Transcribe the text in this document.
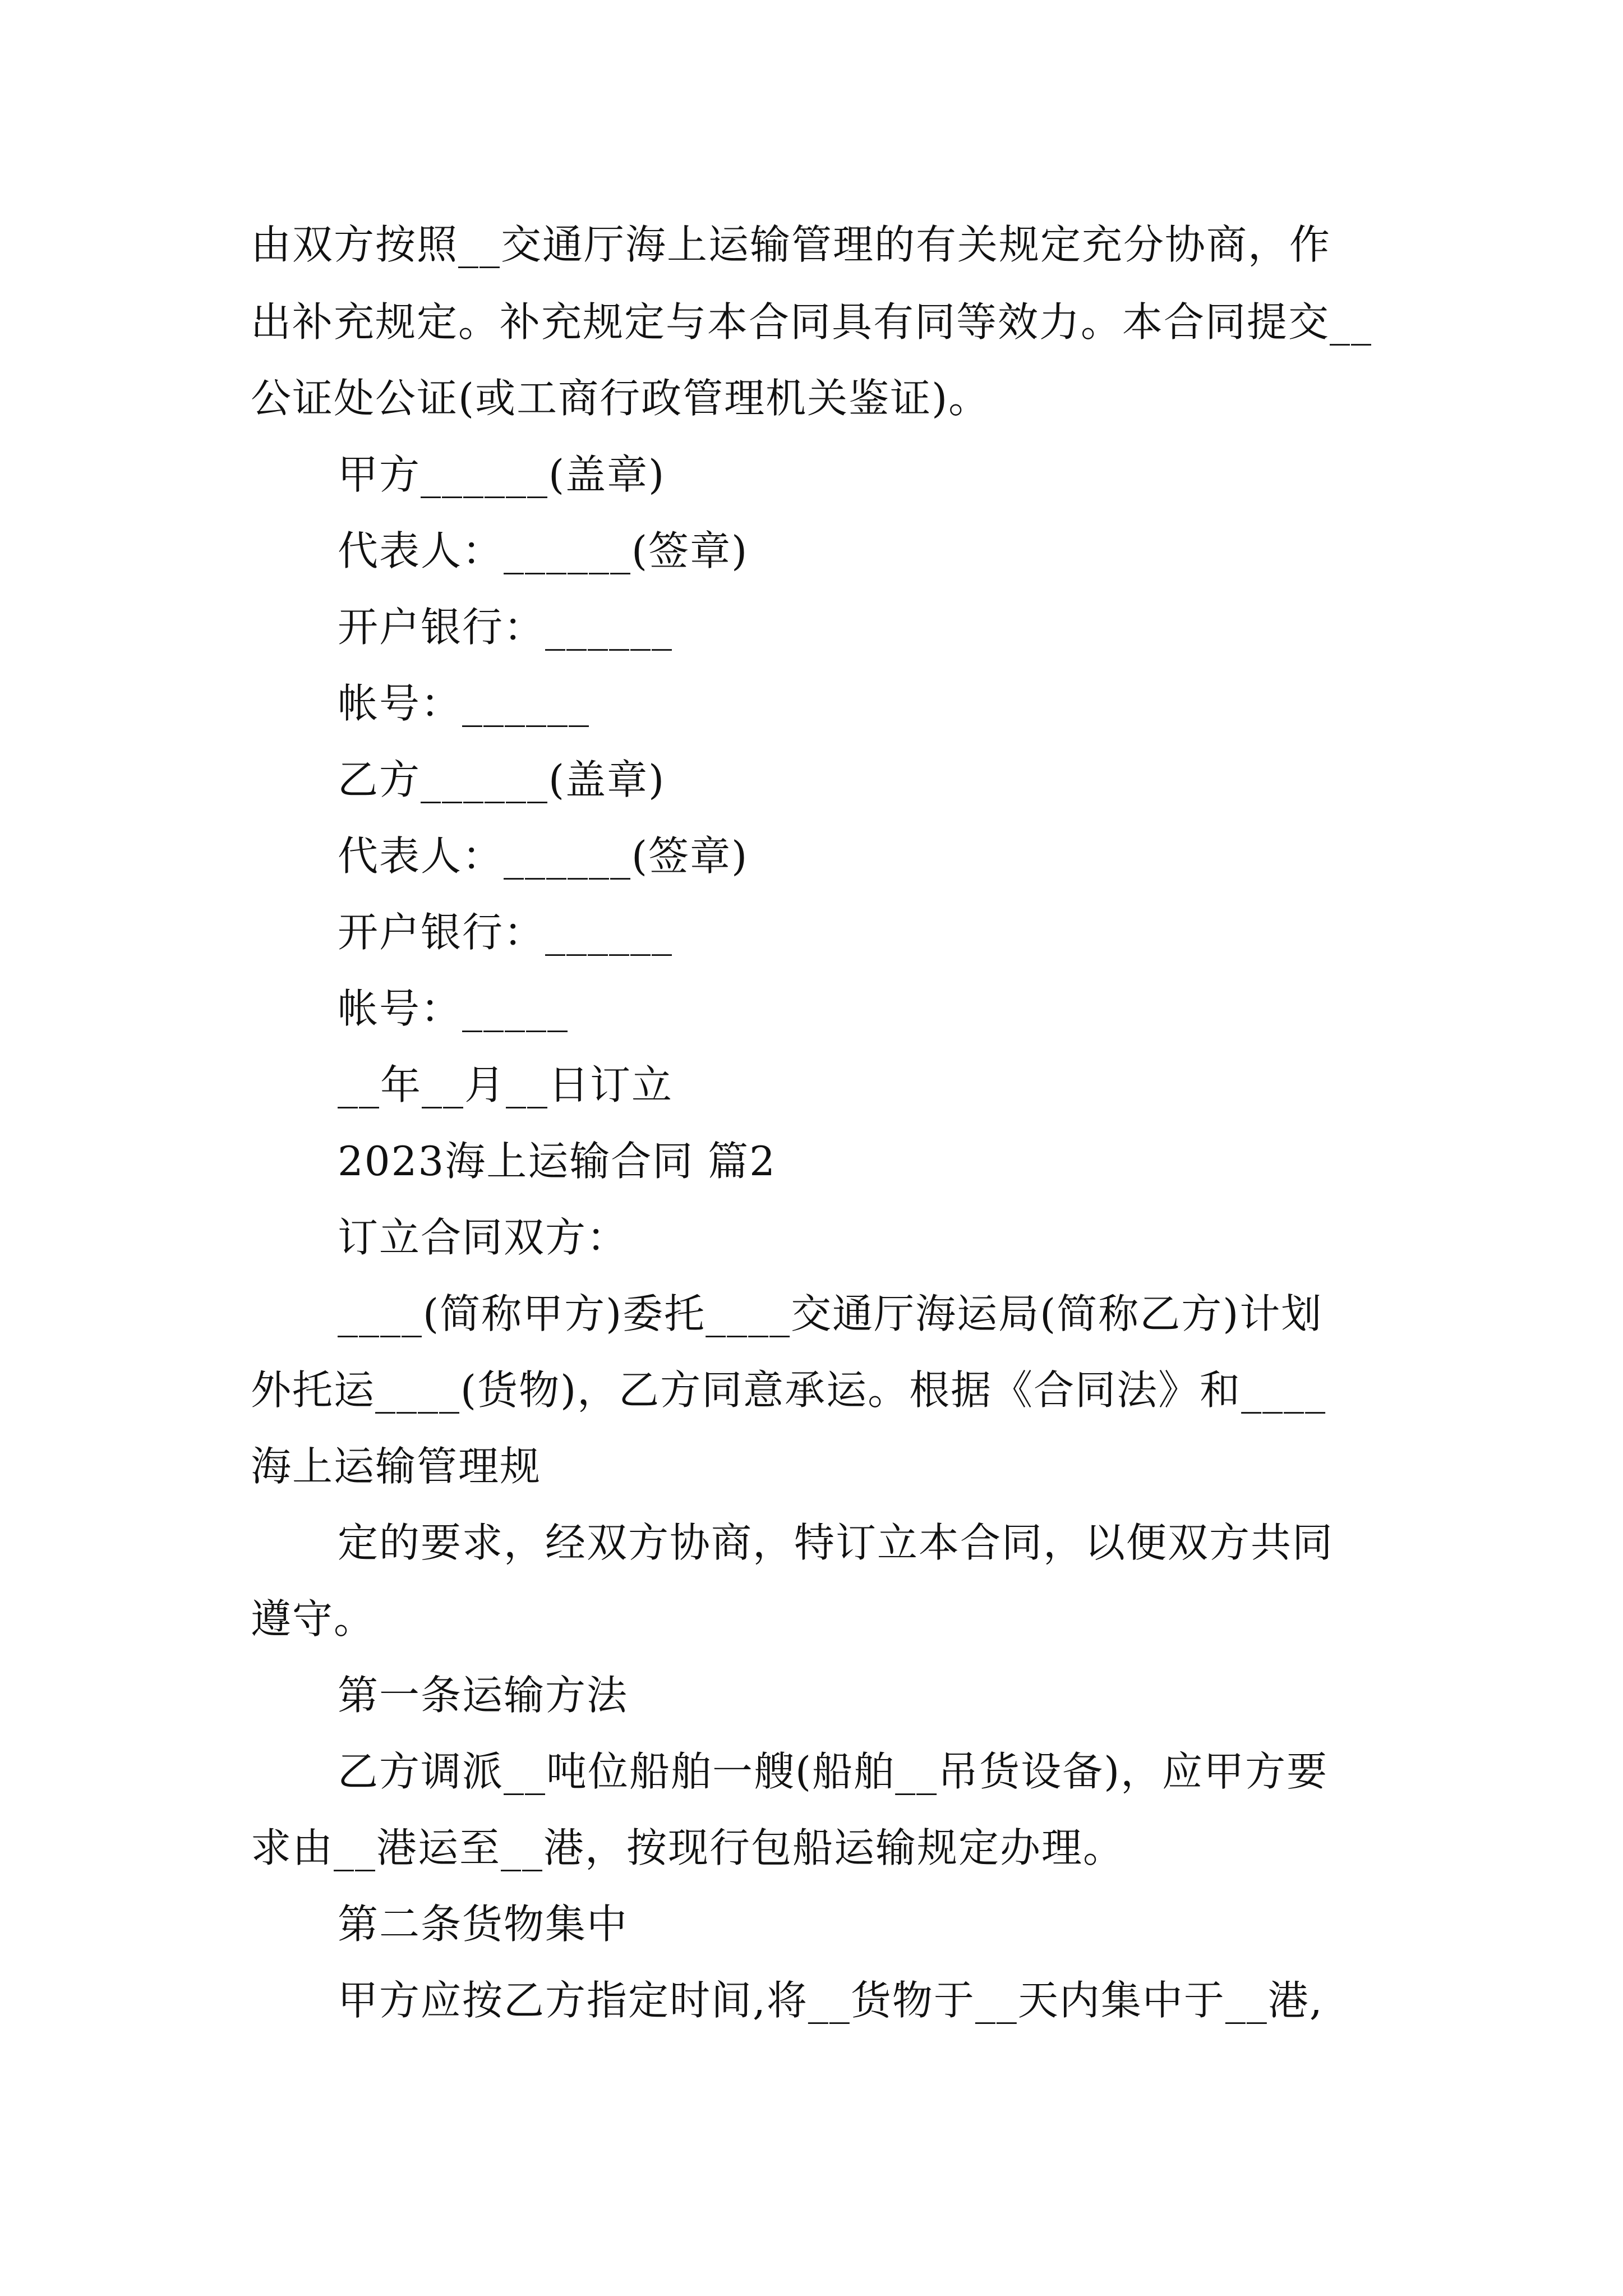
由双方按照__交通厅海上运输管理的有关规定充分协商，作
出补充规定。补充规定与本合同具有同等效力。本合同提交__
公证处公证(或工商行政管理机关鉴证)。
甲方______(盖章)
代表人：______(签章)
开户银行：______
帐号：______
乙方______(盖章)
代表人：______(签章)
开户银行：______
帐号：_____
__年__月__日订立
2023海上运输合同 篇2
订立合同双方：
____(简称甲方)委托____交通厅海运局(简称乙方)计划
外托运____(货物)，乙方同意承运。根据《合同法》和____
海上运输管理规
定的要求，经双方协商，特订立本合同，以便双方共同
遵守。
第一条运输方法
乙方调派__吨位船舶一艘(船舶__吊货设备)，应甲方要
求由__港运至__港，按现行包船运输规定办理。
第二条货物集中
甲方应按乙方指定时间,将__货物于__天内集中于__港,
